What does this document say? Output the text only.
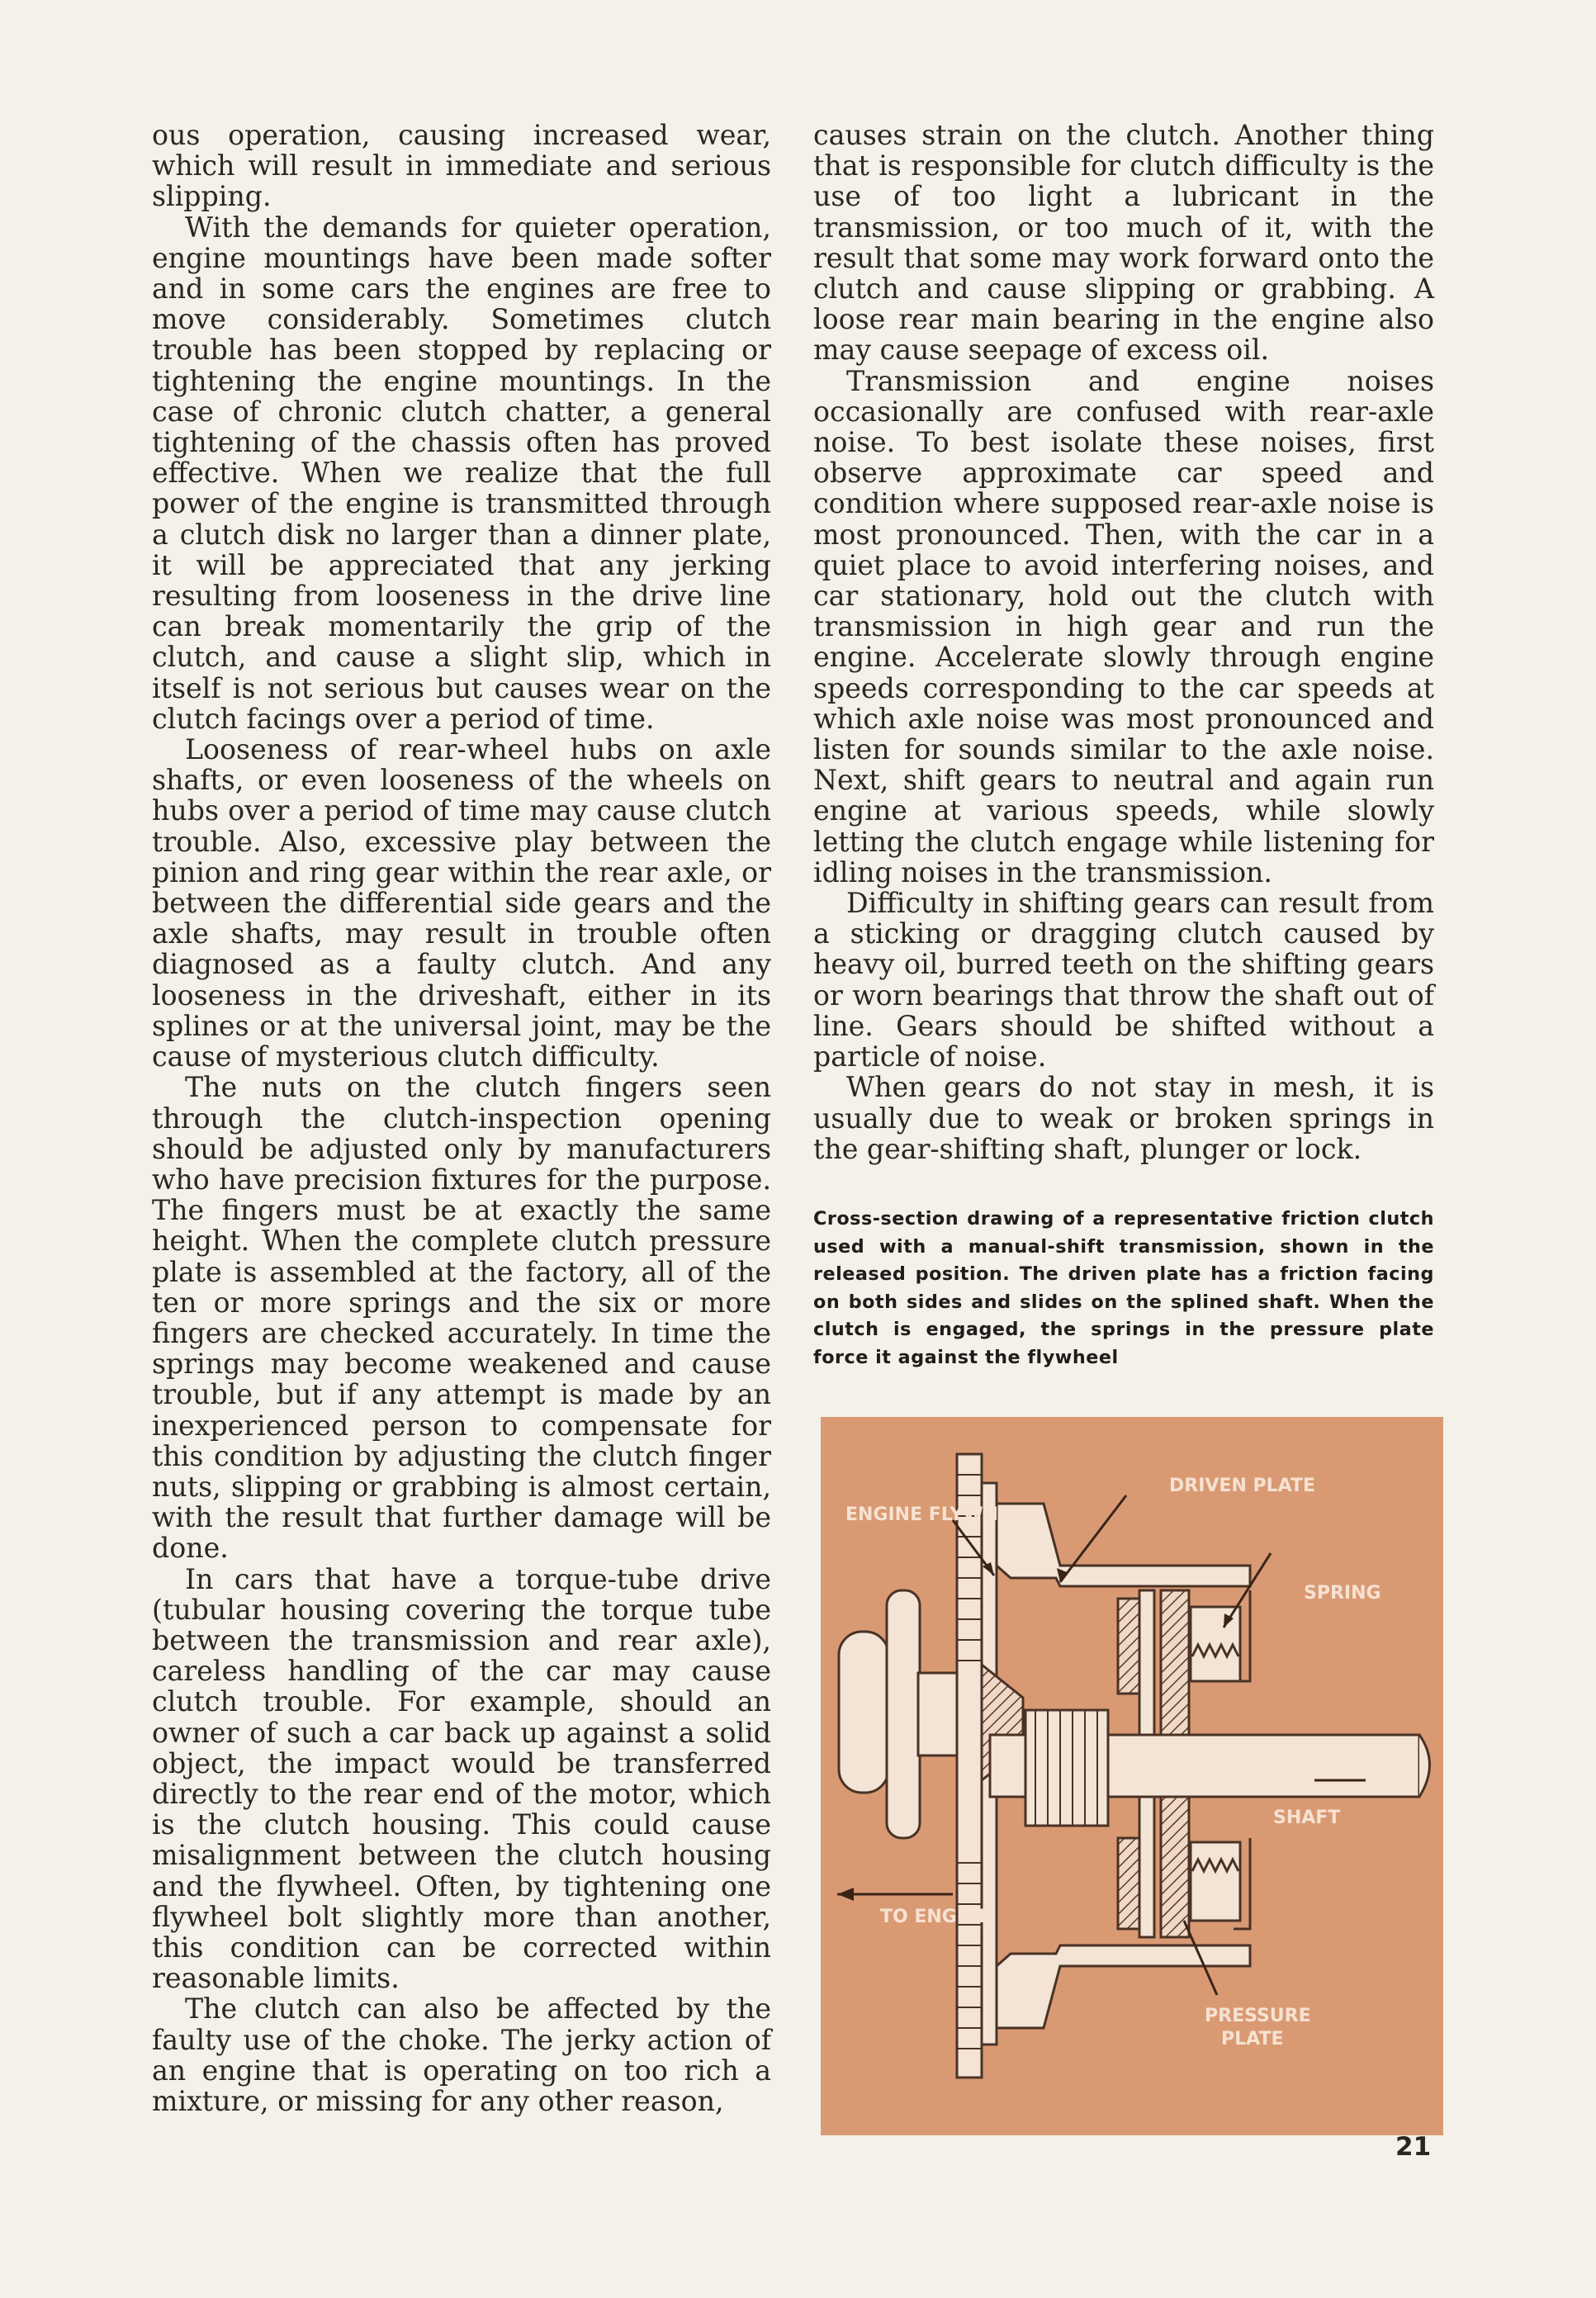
ous operation, causing increased wear, which will result in immediate and serious slipping.

With the demands for quieter operation, engine mountings have been made softer and in some cars the engines are free to move considerably. Sometimes clutch trouble has been stopped by replacing or tightening the engine mountings. In the case of chronic clutch chatter, a general tightening of the chassis often has proved effective. When we realize that the full power of the engine is transmitted through a clutch disk no larger than a dinner plate, it will be appreciated that any jerking resulting from looseness in the drive line can break momentarily the grip of the clutch, and cause a slight slip, which in itself is not serious but causes wear on the clutch facings over a period of time.

Looseness of rear-wheel hubs on axle shafts, or even looseness of the wheels on hubs over a period of time may cause clutch trouble. Also, excessive play between the pinion and ring gear within the rear axle, or between the differential side gears and the axle shafts, may result in trouble often diagnosed as a faulty clutch. And any looseness in the driveshaft, either in its splines or at the universal joint, may be the cause of mysterious clutch difficulty.

The nuts on the clutch fingers seen through the clutch-inspection opening should be adjusted only by manufacturers who have precision fixtures for the purpose. The fingers must be at exactly the same height. When the complete clutch pressure plate is assembled at the factory, all of the ten or more springs and the six or more fingers are checked accurately. In time the springs may become weakened and cause trouble, but if any attempt is made by an inexperienced person to compensate for this condition by adjusting the clutch finger nuts, slipping or grabbing is almost certain, with the result that further damage will be done.

In cars that have a torque-tube drive (tubular housing covering the torque tube between the transmission and rear axle), careless handling of the car may cause clutch trouble. For example, should an owner of such a car back up against a solid object, the impact would be transferred directly to the rear end of the motor, which is the clutch housing. This could cause misalignment between the clutch housing and the flywheel. Often, by tightening one flywheel bolt slightly more than another, this condition can be corrected within reasonable limits.

The clutch can also be affected by the faulty use of the choke. The jerky action of an engine that is operating on too rich a mixture, or missing for any other reason,

causes strain on the clutch. Another thing that is responsible for clutch difficulty is the use of too light a lubricant in the transmission, or too much of it, with the result that some may work forward onto the clutch and cause slipping or grabbing. A loose rear main bearing in the engine also may cause seepage of excess oil.

Transmission and engine noises occasionally are confused with rear-axle noise. To best isolate these noises, first observe approximate car speed and condition where supposed rear-axle noise is most pronounced. Then, with the car in a quiet place to avoid interfering noises, and car stationary, hold out the clutch with transmission in high gear and run the engine. Accelerate slowly through engine speeds corresponding to the car speeds at which axle noise was most pronounced and listen for sounds similar to the axle noise. Next, shift gears to neutral and again run engine at various speeds, while slowly letting the clutch engage while listening for idling noises in the transmission.

Difficulty in shifting gears can result from a sticking or dragging clutch caused by heavy oil, burred teeth on the shifting gears or worn bearings that throw the shaft out of line. Gears should be shifted without a particle of noise.

When gears do not stay in mesh, it is usually due to weak or broken springs in the gear-shifting shaft, plunger or lock.

Cross-section drawing of a representative friction clutch used with a manual-shift transmission, shown in the released position. The driven plate has a friction facing on both sides and slides on the splined shaft. When the clutch is engaged, the springs in the pressure plate force it against the flywheel
ENGINE FLYWHEEL
DRIVEN PLATE
SPRING
SHAFT
TO ENGINE
PRESSURE
PLATE
21
